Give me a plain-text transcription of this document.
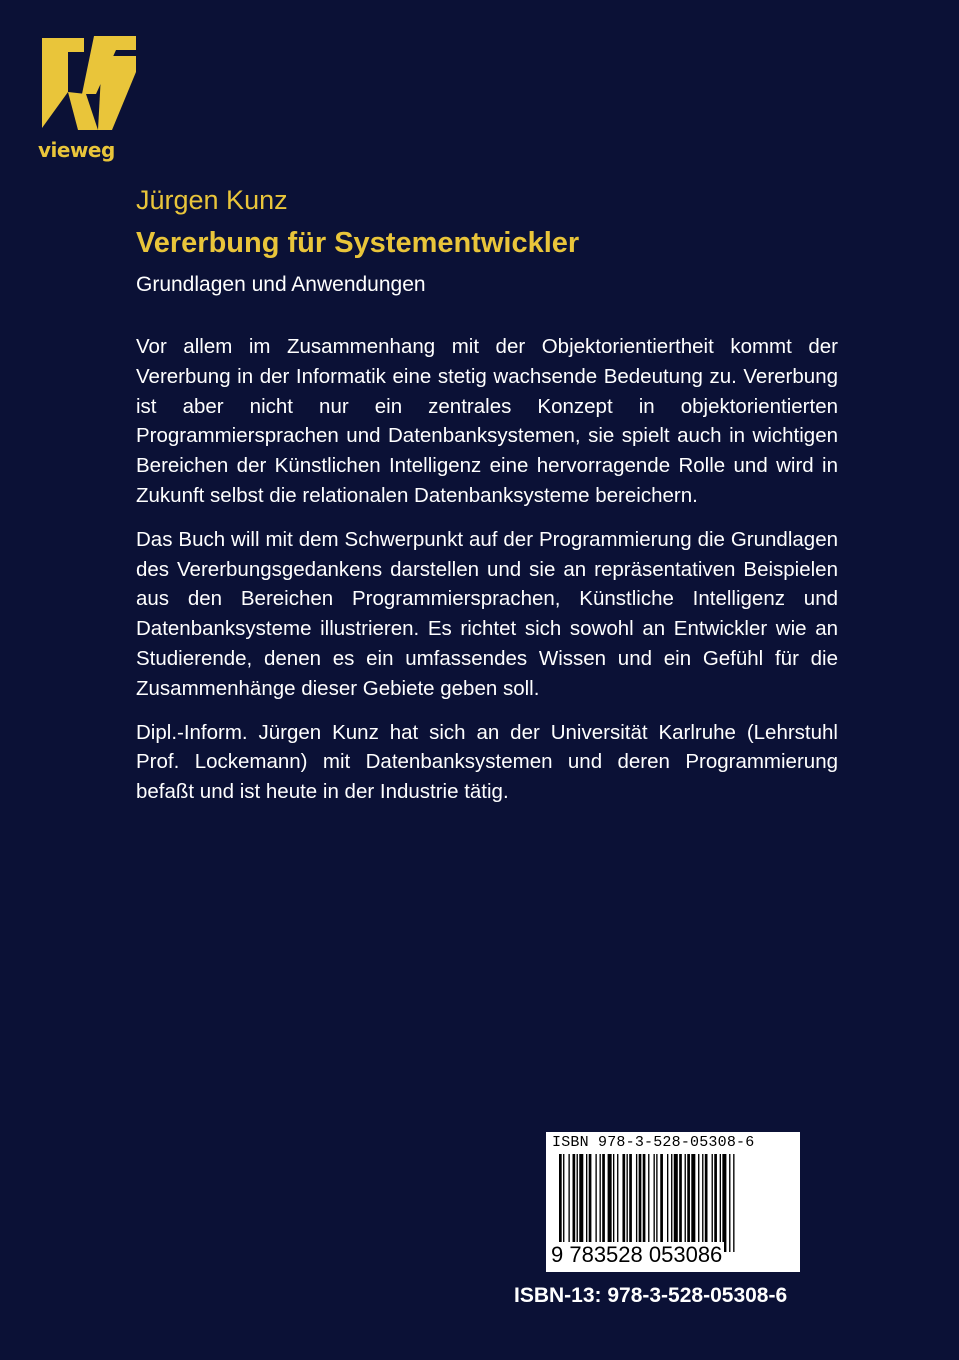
vieweg
Jürgen Kunz
Vererbung für Systementwickler
Grundlagen und Anwendungen

Vor allem im Zusammenhang mit der Objektorientiertheit kommt der Vererbung in der Informatik eine stetig wachsende Bedeutung zu. Vererbung ist aber nicht nur ein zentrales Konzept in objektorientierten Programmiersprachen und Datenbanksystemen, sie spielt auch in wichtigen Bereichen der Künstlichen Intelligenz eine hervorragende Rolle und wird in Zukunft selbst die relationalen Datenbanksysteme bereichern.

Das Buch will mit dem Schwerpunkt auf der Programmierung die Grundlagen des Vererbungsgedankens darstellen und sie an repräsentativen Beispielen aus den Bereichen Programmiersprachen, Künstliche Intelligenz und Datenbanksysteme illustrieren. Es richtet sich sowohl an Entwickler wie an Studierende, denen es ein umfassendes Wissen und ein Gefühl für die Zusammenhänge dieser Gebiete geben soll.

Dipl.-Inform. Jürgen Kunz hat sich an der Universität Karlruhe (Lehrstuhl Prof. Lockemann) mit Datenbanksystemen und deren Programmierung befaßt und ist heute in der Industrie tätig.

ISBN 978-3-528-05308-6
9 783528 053086
ISBN-13: 978-3-528-05308-6
